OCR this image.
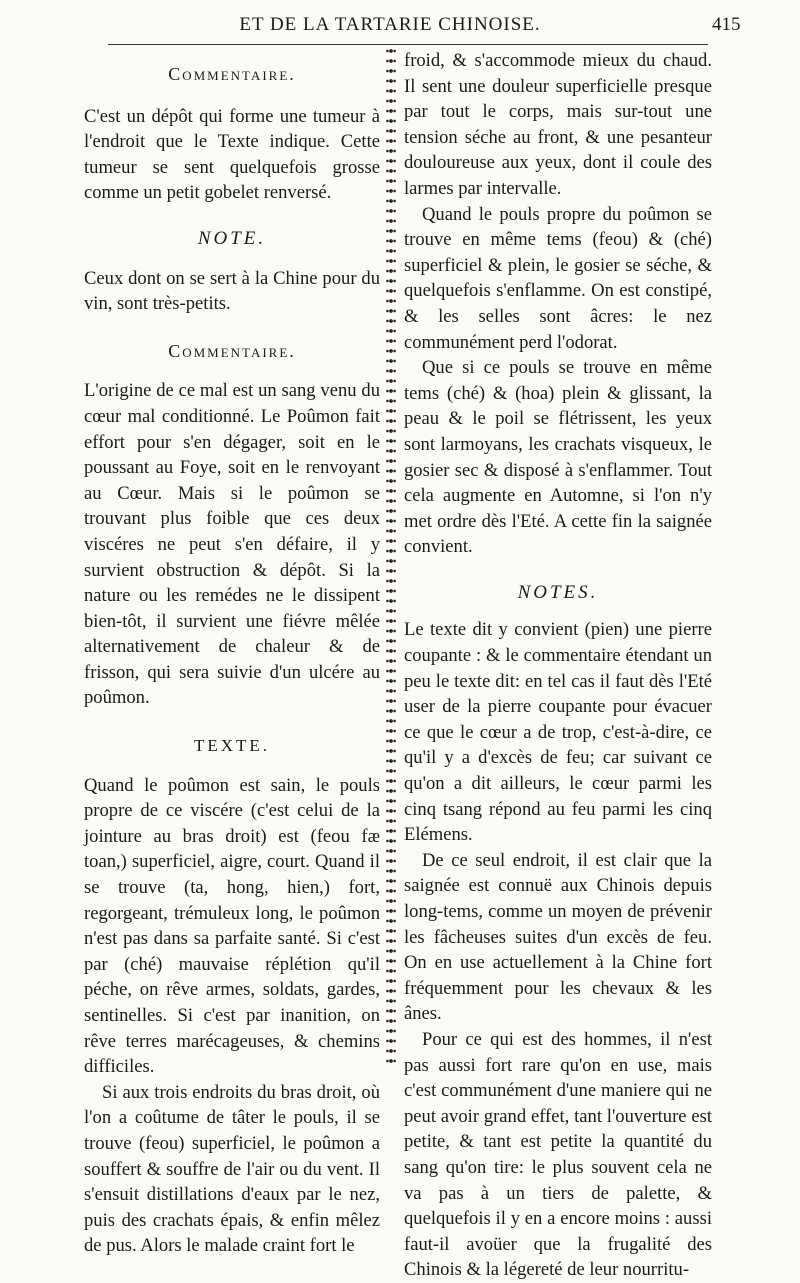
ET DE LA TARTARIE CHINOISE.	415
Commentaire.

C'est un dépôt qui forme une tumeur à l'endroit que le Texte indique. Cette tumeur se sent quelquefois grosse comme un petit gobelet renversé.

NOTE.

Ceux dont on se sert à la Chine pour du vin, sont très-petits.

Commentaire.

L'origine de ce mal est un sang venu du cœur mal conditionné. Le Poûmon fait effort pour s'en dégager, soit en le poussant au Foye, soit en le renvoyant au Cœur. Mais si le poûmon se trouvant plus foible que ces deux viscéres ne peut s'en défaire, il y survient obstruction & dépôt. Si la nature ou les remédes ne le dissipent bien-tôt, il survient une fiévre mêlée alternativement de chaleur & de frisson, qui sera suivie d'un ulcére au poûmon.

TEXTE.

Quand le poûmon est sain, le pouls propre de ce viscére (c'est celui de la jointure au bras droit) est (feou fæ toan,) superficiel, aigre, court. Quand il se trouve (ta, hong, hien,) fort, regorgeant, trémuleux long, le poûmon n'est pas dans sa parfaite santé. Si c'est par (ché) mauvaise réplétion qu'il péche, on rêve armes, soldats, gardes, sentinelles. Si c'est par inanition, on rêve terres marécageuses, & chemins difficiles.

Si aux trois endroits du bras droit, où l'on a coûtume de tâter le pouls, il se trouve (feou) superficiel, le poûmon a souffert & souffre de l'air ou du vent. Il s'ensuit distillations d'eaux par le nez, puis des crachats épais, & enfin mêlez de pus. Alors le malade craint fort le

froid, & s'accommode mieux du chaud. Il sent une douleur superficielle presque par tout le corps, mais sur-tout une tension séche au front, & une pesanteur douloureuse aux yeux, dont il coule des larmes par intervalle.

Quand le pouls propre du poûmon se trouve en même tems (feou) & (ché) superficiel & plein, le gosier se séche, & quelquefois s'enflamme. On est constipé, & les selles sont âcres: le nez communément perd l'odorat.

Que si ce pouls se trouve en même tems (ché) & (hoa) plein & glissant, la peau & le poil se flétrissent, les yeux sont larmoyans, les crachats visqueux, le gosier sec & disposé à s'enflammer. Tout cela augmente en Automne, si l'on n'y met ordre dès l'Eté. A cette fin la saignée convient.

NOTES.

Le texte dit y convient (pien) une pierre coupante : & le commentaire étendant un peu le texte dit: en tel cas il faut dès l'Eté user de la pierre coupante pour évacuer ce que le cœur a de trop, c'est-à-dire, ce qu'il y a d'excès de feu; car suivant ce qu'on a dit ailleurs, le cœur parmi les cinq tsang répond au feu parmi les cinq Elémens.

De ce seul endroit, il est clair que la saignée est connuë aux Chinois depuis long-tems, comme un moyen de prévenir les fâcheuses suites d'un excès de feu. On en use actuellement à la Chine fort fréquemment pour les chevaux & les ânes.

Pour ce qui est des hommes, il n'est pas aussi fort rare qu'on en use, mais c'est communément d'une maniere qui ne peut avoir grand effet, tant l'ouverture est petite, & tant est petite la quantité du sang qu'on tire: le plus souvent cela ne va pas à un tiers de palette, & quelquefois il y en a encore moins : aussi faut-il avoüer que la frugalité des Chinois & la légereté de leur nourritu-
